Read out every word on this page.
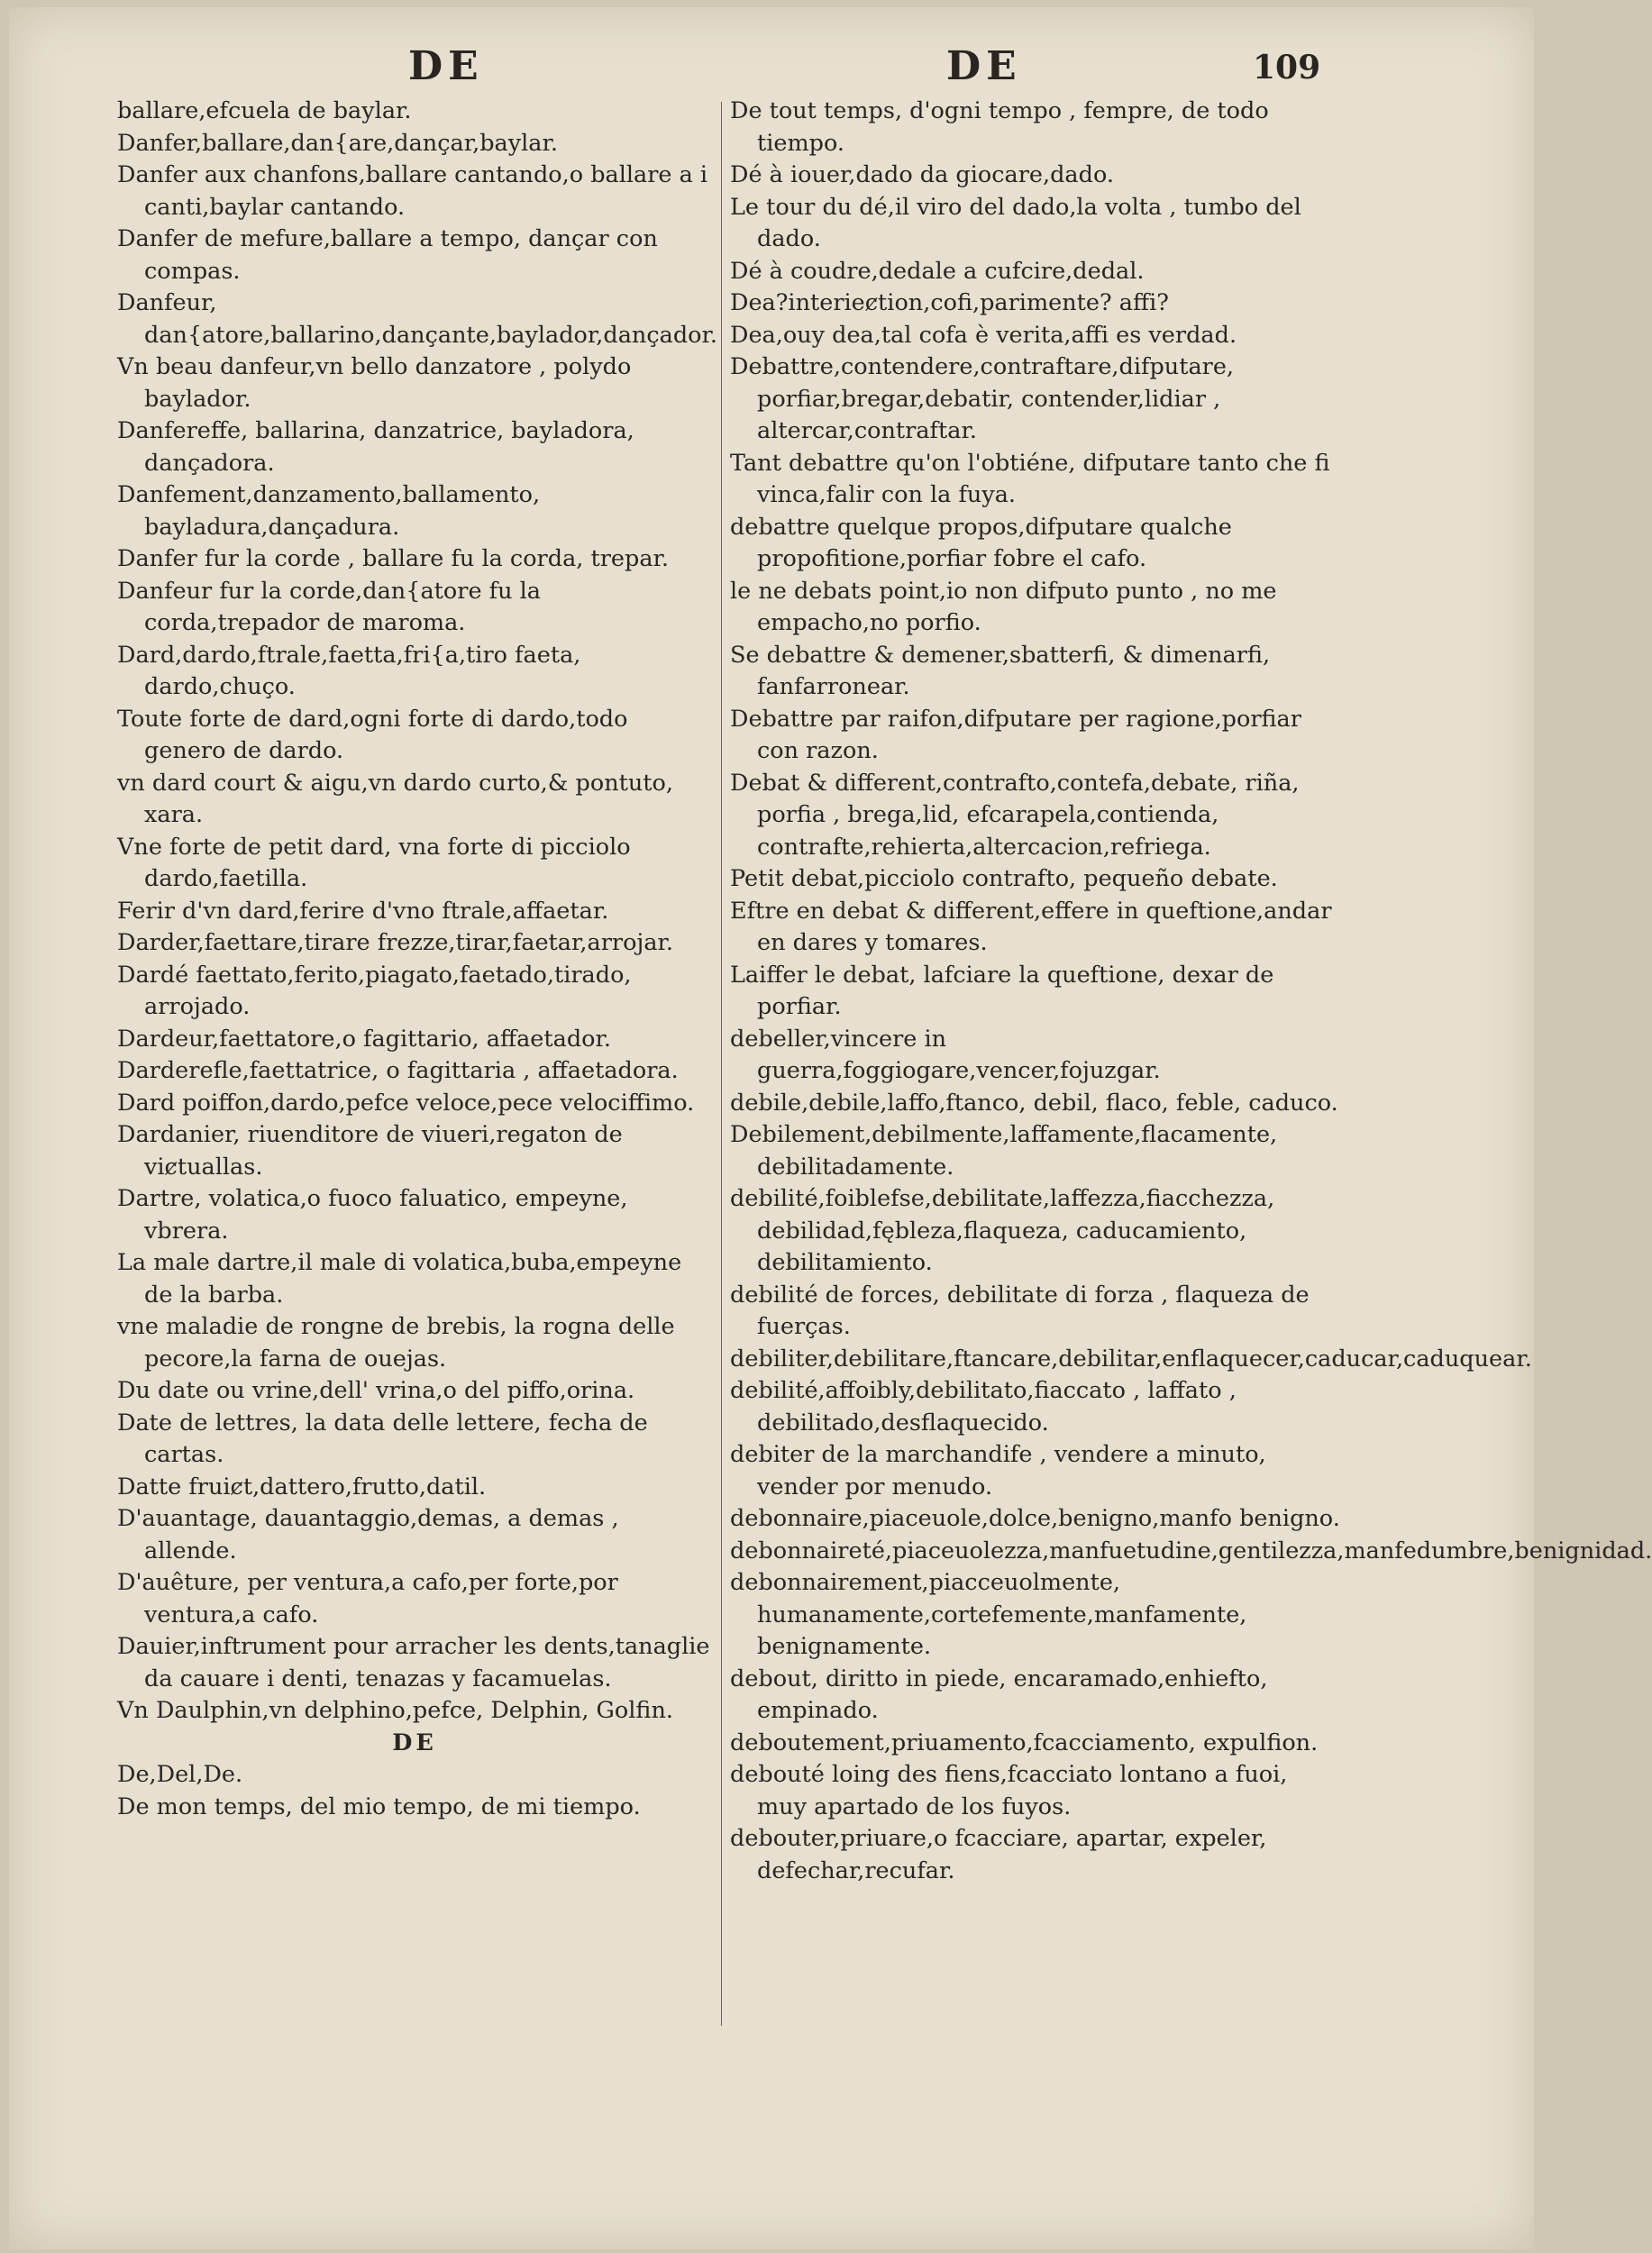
DE	DE	109

ballare,efcuela de baylar.

Danfer,ballare,dan{are,dançar,baylar.

Danfer aux chanfons,ballare cantando,o ballare a i canti,baylar cantando.

Danfer de mefure,ballare a tempo, dançar con compas.

Danfeur, dan{atore,ballarino,dançante,baylador,dançador.

Vn beau danfeur,vn bello danzatore , polydo baylador.

Danfereffe, ballarina, danzatrice, bayladora, dançadora.

Danfement,danzamento,ballamento, bayladura,dançadura.

Danfer fur la corde , ballare fu la corda, trepar.

Danfeur fur la corde,dan{atore fu la corda,trepador de maroma.

Dard,dardo,ftrale,faetta,fri{a,tiro faeta, dardo,chuço.

Toute forte de dard,ogni forte di dardo,todo genero de dardo.

vn dard court & aigu,vn dardo curto,& pontuto, xara.

Vne forte de petit dard, vna forte di picciolo dardo,faetilla.

Ferir d'vn dard,ferire d'vno ftrale,affaetar.

Darder,faettare,tirare frezze,tirar,faetar,arrojar.

Dardé faettato,ferito,piagato,faetado,tirado, arrojado.

Dardeur,faettatore,o fagittario, affaetador.

Darderefle,faettatrice, o fagittaria , affaetadora.

Dard poiffon,dardo,pefce veloce,pece velociffimo.

Dardanier, riuenditore de viueri,regaton de viȼtuallas.

Dartre, volatica,o fuoco faluatico, empeyne, vbrera.

La male dartre,il male di volatica,buba,empeyne de la barba.

vne maladie de rongne de brebis, la rogna delle pecore,la farna de ouejas.

Du date ou vrine,dell' vrina,o del piffo,orina.

Date de lettres, la data delle lettere, fecha de cartas.

Datte fruiȼt,dattero,frutto,datil.

D'auantage, dauantaggio,demas, a demas , allende.

D'auêture, per ventura,a cafo,per forte,por ventura,a cafo.

Dauier,inftrument pour arracher les dents,tanaglie da cauare i denti, tenazas y facamuelas.

Vn Daulphin,vn delphino,pefce, Delphin, Golfin.

DE

De,Del,De.

De mon temps, del mio tempo, de mi tiempo.

De tout temps, d'ogni tempo , fempre, de todo tiempo.

Dé à iouer,dado da giocare,dado.

Le tour du dé,il viro del dado,la volta , tumbo del dado.

Dé à coudre,dedale a cufcire,dedal.

Dea?interieȼtion,cofi,parimente? affi?

Dea,ouy dea,tal cofa è verita,affi es verdad.

Debattre,contendere,contraftare,difputare, porfiar,bregar,debatir, contender,lidiar , altercar,contraftar.

Tant debattre qu'on l'obtiéne, difputare tanto che fi vinca,falir con la fuya.

debattre quelque propos,difputare qualche propofitione,porfiar fobre el cafo.

le ne debats point,io non difputo punto , no me empacho,no porfio.

Se debattre & demener,sbatterfi, & dimenarfi, fanfarronear.

Debattre par raifon,difputare per ragione,porfiar con razon.

Debat & different,contrafto,contefa,debate, riña, porfia , brega,lid, efcarapela,contienda, contrafte,rehierta,altercacion,refriega.

Petit debat,picciolo contrafto, pequeño debate.

Eftre en debat & different,effere in queftione,andar en dares y tomares.

Laiffer le debat, lafciare la queftione, dexar de porfiar.

debeller,vincere in guerra,foggiogare,vencer,fojuzgar.

debile,debile,laffo,ftanco, debil, flaco, feble, caduco.

Debilement,debilmente,laffamente,flacamente, debilitadamente.

debilité,foiblefse,debilitate,laffezza,fiacchezza, debilidad,fębleza,flaqueza, caducamiento, debilitamiento.

debilité de forces, debilitate di forza , flaqueza de fuerças.

debiliter,debilitare,ftancare,debilitar,enflaquecer,caducar,caduquear.

debilité,affoibly,debilitato,fiaccato , laffato , debilitado,desflaquecido.

debiter de la marchandife , vendere a minuto, vender por menudo.

debonnaire,piaceuole,dolce,benigno,manfo benigno.

debonnaireté,piaceuolezza,manfuetudine,gentilezza,manfedumbre,benignidad.

debonnairement,piacceuolmente, humanamente,cortefemente,manfamente, benignamente.

debout, diritto in piede, encaramado,enhiefto, empinado.

deboutement,priuamento,fcacciamento, expulfion.

debouté loing des fiens,fcacciato lontano a fuoi, muy apartado de los fuyos.

debouter,priuare,o fcacciare, apartar, expeler, defechar,recufar.
